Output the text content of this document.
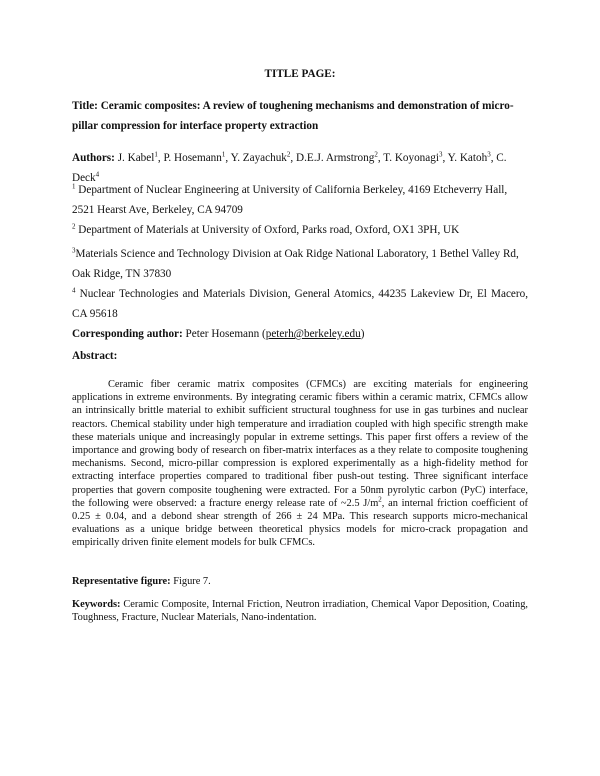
TITLE PAGE:
Title: Ceramic composites: A review of toughening mechanisms and demonstration of micro-pillar compression for interface property extraction
Authors: J. Kabel$^1$, P. Hosemann$^1$, Y. Zayachuk$^2$, D.E.J. Armstrong$^2$, T. Koyonagi$^3$, Y. Katoh$^3$, C. Deck$^4$
$^1$ Department of Nuclear Engineering at University of California Berkeley, 4169 Etcheverry Hall, 2521 Hearst Ave, Berkeley, CA 94709
$^2$ Department of Materials at University of Oxford, Parks road, Oxford, OX1 3PH, UK
$^3$Materials Science and Technology Division at Oak Ridge National Laboratory, 1 Bethel Valley Rd, Oak Ridge, TN 37830
$^4$ Nuclear Technologies and Materials Division, General Atomics, 44235 Lakeview Dr, El Macero, CA 95618
Corresponding author: Peter Hosemann (peterh@berkeley.edu)
Abstract:
Ceramic fiber ceramic matrix composites (CFMCs) are exciting materials for engineering applications in extreme environments. By integrating ceramic fibers within a ceramic matrix, CFMCs allow an intrinsically brittle material to exhibit sufficient structural toughness for use in gas turbines and nuclear reactors. Chemical stability under high temperature and irradiation coupled with high specific strength make these materials unique and increasingly popular in extreme settings. This paper first offers a review of the importance and growing body of research on fiber-matrix interfaces as a they relate to composite toughening mechanisms. Second, micro-pillar compression is explored experimentally as a high-fidelity method for extracting interface properties compared to traditional fiber push-out testing. Three significant interface properties that govern composite toughening were extracted. For a 50nm pyrolytic carbon (PyC) interface, the following were observed: a fracture energy release rate of ~2.5 $J/m^2$, an internal friction coefficient of 0.25 ± 0.04, and a debond shear strength of 266 ± 24 MPa. This research supports micro-mechanical evaluations as a unique bridge between theoretical physics models for micro-crack propagation and empirically driven finite element models for bulk CFMCs.
Representative figure: Figure 7.
Keywords: Ceramic Composite, Internal Friction, Neutron irradiation, Chemical Vapor Deposition, Coating, Toughness, Fracture, Nuclear Materials, Nano-indentation.
